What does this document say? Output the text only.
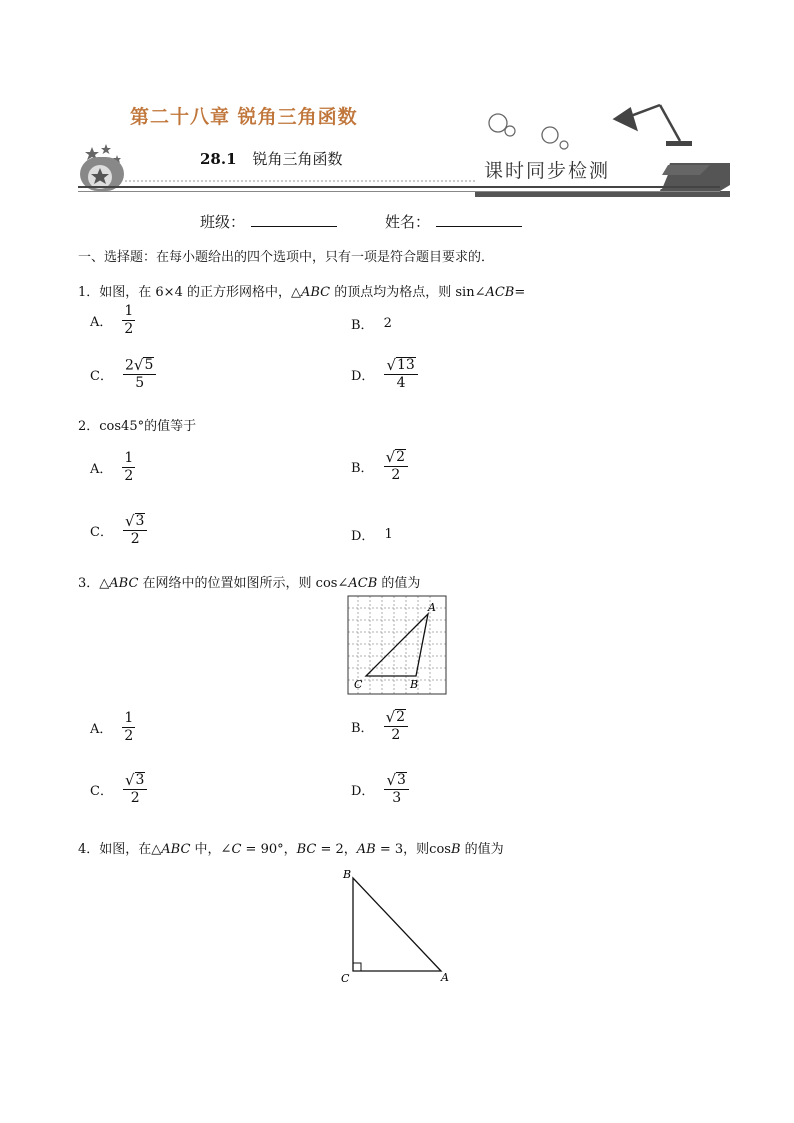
第二十八章 锐角三角函数
28.1 锐角三角函数
课时同步检测
班级：	姓名：
一、选择题：在每小题给出的四个选项中，只有一项是符合题目要求的．
1．如图，在 6×4 的正方形网格中，△ABC 的顶点均为格点，则 sin∠ACB=
A． $\frac{1}{2}$	B． 2
C． $\frac{2 √ 5}{5}$	D． $\frac{√ 13}{4}$
2．cos45°的值等于
A． $\frac{1}{2}$	B． $\frac{√ 2}{2}$
C． $\frac{√ 3}{2}$	D． 1
3．△ABC 在网络中的位置如图所示，则 cos∠ACB 的值为
A
C	B
A． $\frac{1}{2}$	B． $\frac{√ 2}{2}$
C． $\frac{√ 3}{2}$	D． $\frac{√ 3}{3}$
4．如图，在△ABC 中，∠C = 90°，BC = 2，AB = 3，则cosB 的值为
B
C	A
